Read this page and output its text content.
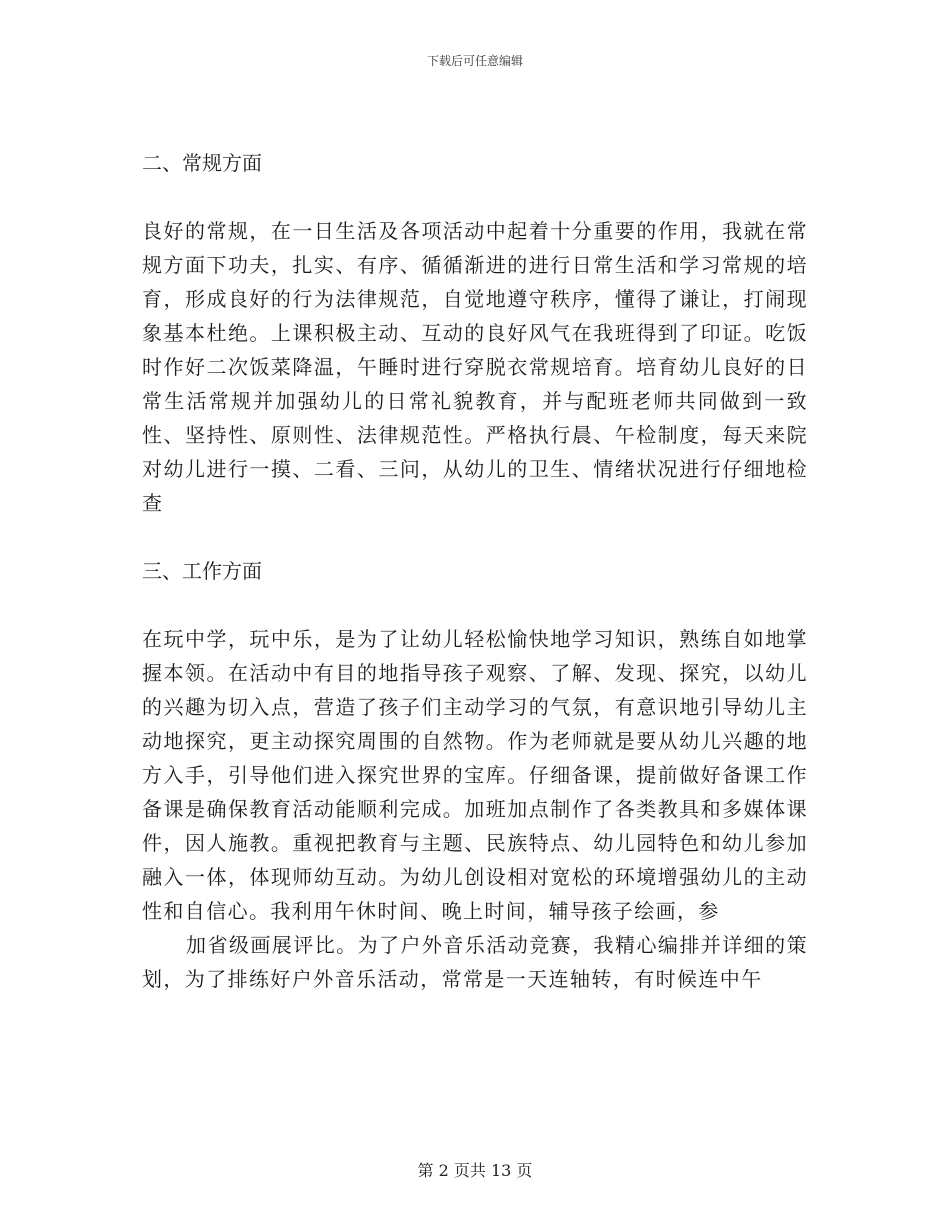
下载后可任意编辑
二、常规方面
良好的常规，在一日生活及各项活动中起着十分重要的作用，我就在常规方面下功夫，扎实、有序、循循渐进的进行日常生活和学习常规的培育，形成良好的行为法律规范，自觉地遵守秩序，懂得了谦让，打闹现象基本杜绝。上课积极主动、互动的良好风气在我班得到了印证。吃饭时作好二次饭菜降温，午睡时进行穿脱衣常规培育。培育幼儿良好的日常生活常规并加强幼儿的日常礼貌教育，并与配班老师共同做到一致性、坚持性、原则性、法律规范性。严格执行晨、午检制度，每天来院对幼儿进行一摸、二看、三问，从幼儿的卫生、情绪状况进行仔细地检查
三、工作方面
在玩中学，玩中乐，是为了让幼儿轻松愉快地学习知识，熟练自如地掌握本领。在活动中有目的地指导孩子观察、了解、发现、探究，以幼儿的兴趣为切入点，营造了孩子们主动学习的气氛，有意识地引导幼儿主动地探究，更主动探究周围的自然物。作为老师就是要从幼儿兴趣的地方入手，引导他们进入探究世界的宝库。仔细备课，提前做好备课工作备课是确保教育活动能顺利完成。加班加点制作了各类教具和多媒体课件，因人施教。重视把教育与主题、民族特点、幼儿园特色和幼儿参加融入一体，体现师幼互动。为幼儿创设相对宽松的环境增强幼儿的主动性和自信心。我利用午休时间、晚上时间，辅导孩子绘画，参
加省级画展评比。为了户外音乐活动竞赛，我精心编排并详细的策划，为了排练好户外音乐活动，常常是一天连轴转，有时候连中午
第 2 页共 13 页
